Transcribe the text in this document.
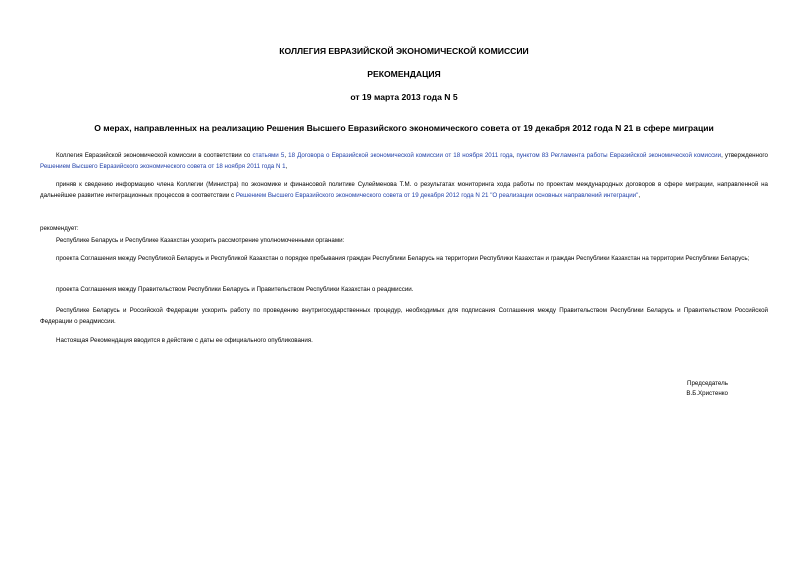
КОЛЛЕГИЯ ЕВРАЗИЙСКОЙ ЭКОНОМИЧЕСКОЙ КОМИССИИ
РЕКОМЕНДАЦИЯ
от 19 марта 2013 года N 5
О мерах, направленных на реализацию Решения Высшего Евразийского экономического совета от 19 декабря 2012 года N 21 в сфере миграции

Коллегия Евразийской экономической комиссии в соответствии со статьями 5, 18 Договора о Евразийской экономической комиссии от 18 ноября 2011 года, пунктом 83 Регламента работы Евразийской экономической комиссии, утвержденного Решением Высшего Евразийского экономического совета от 18 ноября 2011 года N 1,

приняв к сведению информацию члена Коллегии (Министра) по экономике и финансовой политике Сулейменова Т.М. о результатах мониторинга хода работы по проектам международных договоров в сфере миграции, направленной на дальнейшее развитие интеграционных процессов в соответствии с Решением Высшего Евразийского экономического совета от 19 декабря 2012 года N 21 "О реализации основных направлений интеграции",

рекомендует:

Республике Беларусь и Республике Казахстан ускорить рассмотрение уполномоченными органами:

проекта Соглашения между Республикой Беларусь и Республикой Казахстан о порядке пребывания граждан Республики Беларусь на территории Республики Казахстан и граждан Республики Казахстан на территории Республики Беларусь;

проекта Соглашения между Правительством Республики Беларусь и Правительством Республики Казахстан о реадмиссии.

Республике Беларусь и Российской Федерации ускорить работу по проведению внутригосударственных процедур, необходимых для подписания Соглашения между Правительством Республики Беларусь и Правительством Российской Федерации о реадмиссии.

Настоящая Рекомендация вводится в действие с даты ее официального опубликования.

Председатель
В.Б.Христенко
